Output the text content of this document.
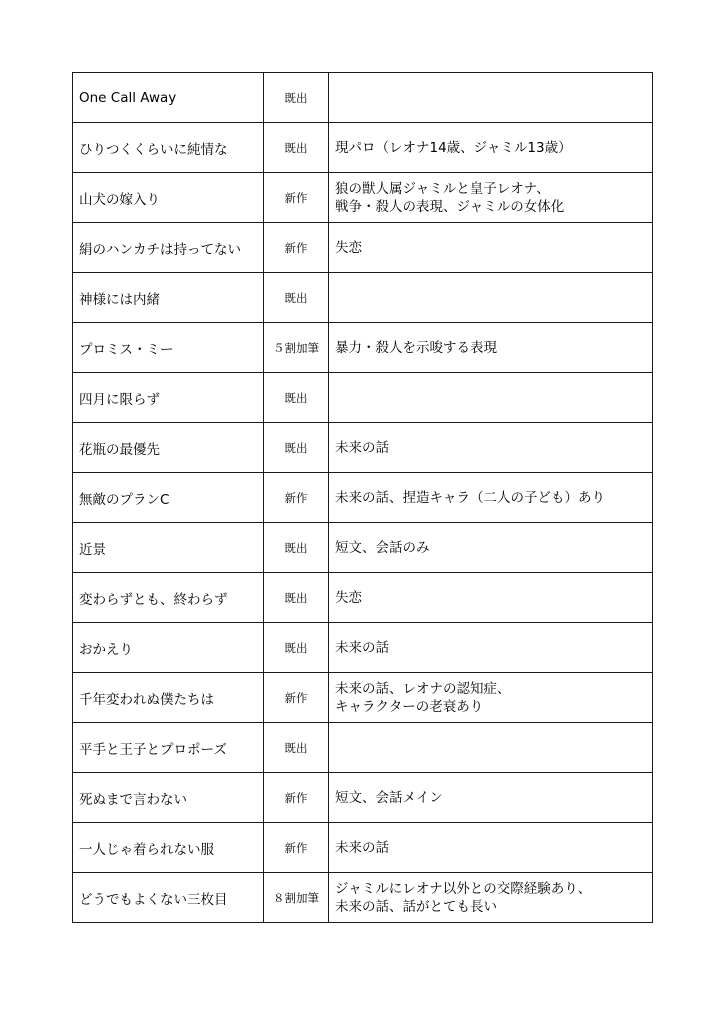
One Call Away	既出	
ひりつくくらいに純情な	既出	現パロ（レオナ14歳、ジャミル13歳）
山犬の嫁入り	新作	狼の獣人属ジャミルと皇子レオナ、
戦争・殺人の表現、ジャミルの女体化
絹のハンカチは持ってない	新作	失恋
神様には内緒	既出	
プロミス・ミー	５割加筆	暴力・殺人を示唆する表現
四月に限らず	既出	
花瓶の最優先	既出	未来の話
無敵のプランC	新作	未来の話、捏造キャラ（二人の子ども）あり
近景	既出	短文、会話のみ
変わらずとも、終わらず	既出	失恋
おかえり	既出	未来の話
千年変われぬ僕たちは	新作	未来の話、レオナの認知症、
キャラクターの老衰あり
平手と王子とプロポーズ	既出	
死ぬまで言わない	新作	短文、会話メイン
一人じゃ着られない服	新作	未来の話
どうでもよくない三枚目	８割加筆	ジャミルにレオナ以外との交際経験あり、
未来の話、話がとても長い
